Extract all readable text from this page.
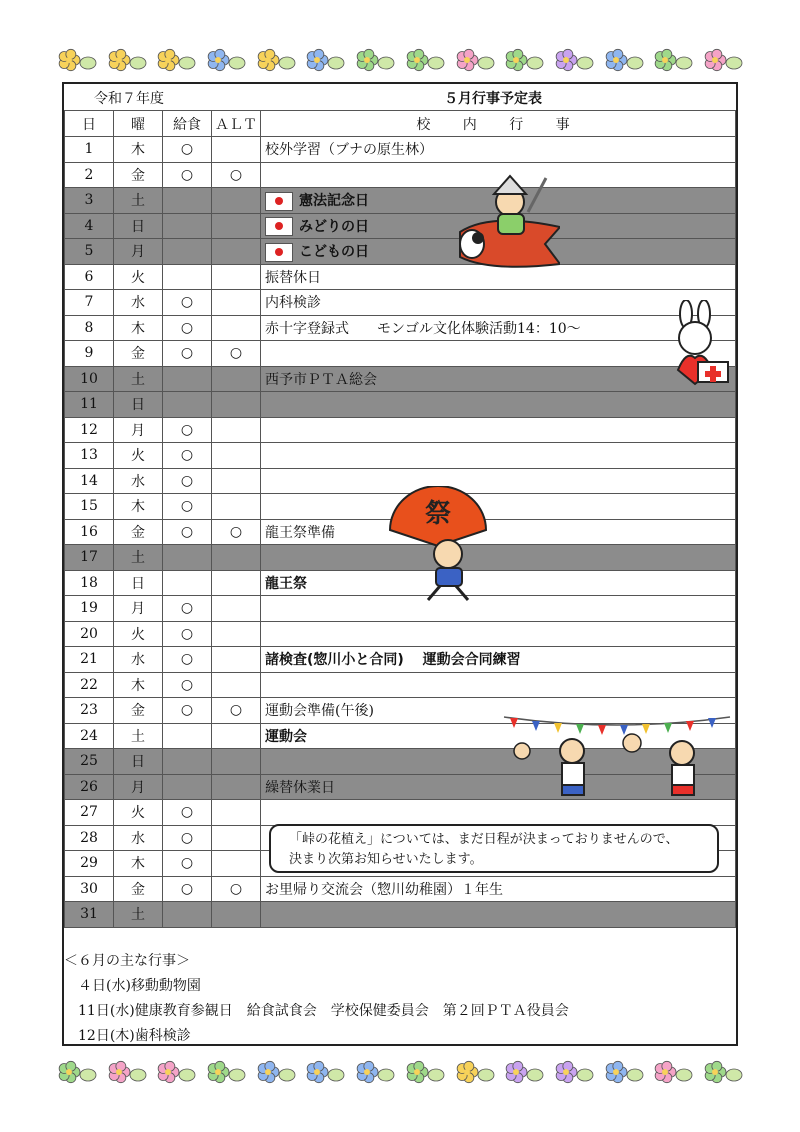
令和７年度	５月行事予定表
日	曜	給食	ＡＬＴ	校 内 行 事
1	木	○		校外学習（ブナの原生林）
2	金	○	○	
3	土			憲法記念日
4	日			みどりの日
5	月			こどもの日
6	火			振替休日
7	水	○		内科検診
8	木	○		赤十字登録式　　モンゴル文化体験活動14：10～
9	金	○	○	
10	土			西予市ＰＴＡ総会
11	日			
12	月	○		
13	火	○		
14	水	○		
15	木	○		
16	金	○	○	龍王祭準備
17	土			
18	日			龍王祭
19	月	○		
20	火	○		
21	水	○		諸検査(惣川小と合同)　 運動会合同練習
22	木	○		
23	金	○	○	運動会準備(午後)
24	土			運動会
25	日			
26	月			繰替休業日
27	火	○		
28	水	○		
29	木	○		
30	金	○	○	お里帰り交流会（惣川幼稚園）１年生
31	土			
祭
「峠の花植え」については、まだ日程が決まっておりませんので、
決まり次第お知らせいたします。
＜６月の主な行事＞
　４日(水)移動動物園
　11日(水)健康教育参観日　給食試食会　学校保健委員会　第２回ＰＴＡ役員会
　12日(木)歯科検診
